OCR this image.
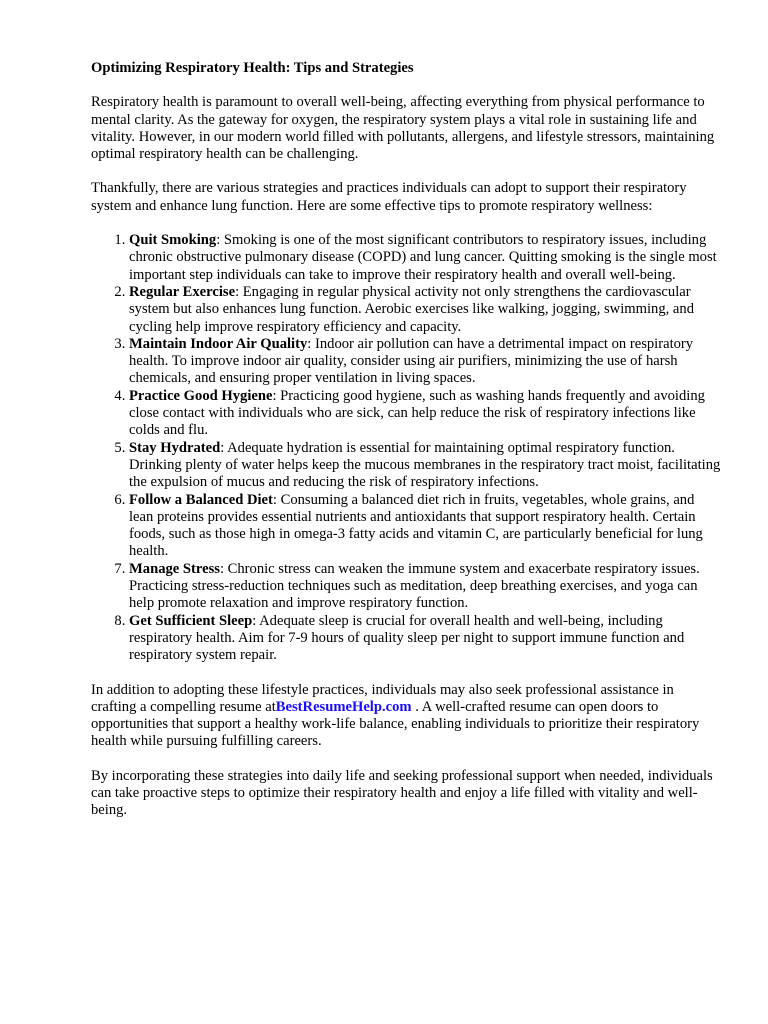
Optimizing Respiratory Health: Tips and Strategies

Respiratory health is paramount to overall well-being, affecting everything from physical performance to mental clarity. As the gateway for oxygen, the respiratory system plays a vital role in sustaining life and vitality. However, in our modern world filled with pollutants, allergens, and lifestyle stressors, maintaining optimal respiratory health can be challenging.

Thankfully, there are various strategies and practices individuals can adopt to support their respiratory system and enhance lung function. Here are some effective tips to promote respiratory wellness:

1. Quit Smoking: Smoking is one of the most significant contributors to respiratory issues, including chronic obstructive pulmonary disease (COPD) and lung cancer. Quitting smoking is the single most important step individuals can take to improve their respiratory health and overall well-being.
2. Regular Exercise: Engaging in regular physical activity not only strengthens the cardiovascular system but also enhances lung function. Aerobic exercises like walking, jogging, swimming, and cycling help improve respiratory efficiency and capacity.
3. Maintain Indoor Air Quality: Indoor air pollution can have a detrimental impact on respiratory health. To improve indoor air quality, consider using air purifiers, minimizing the use of harsh chemicals, and ensuring proper ventilation in living spaces.
4. Practice Good Hygiene: Practicing good hygiene, such as washing hands frequently and avoiding close contact with individuals who are sick, can help reduce the risk of respiratory infections like colds and flu.
5. Stay Hydrated: Adequate hydration is essential for maintaining optimal respiratory function. Drinking plenty of water helps keep the mucous membranes in the respiratory tract moist, facilitating the expulsion of mucus and reducing the risk of respiratory infections.
6. Follow a Balanced Diet: Consuming a balanced diet rich in fruits, vegetables, whole grains, and lean proteins provides essential nutrients and antioxidants that support respiratory health. Certain foods, such as those high in omega-3 fatty acids and vitamin C, are particularly beneficial for lung health.
7. Manage Stress: Chronic stress can weaken the immune system and exacerbate respiratory issues. Practicing stress-reduction techniques such as meditation, deep breathing exercises, and yoga can help promote relaxation and improve respiratory function.
8. Get Sufficient Sleep: Adequate sleep is crucial for overall health and well-being, including respiratory health. Aim for 7-9 hours of quality sleep per night to support immune function and respiratory system repair.

In addition to adopting these lifestyle practices, individuals may also seek professional assistance in crafting a compelling resume atBestResumeHelp.com . A well-crafted resume can open doors to opportunities that support a healthy work-life balance, enabling individuals to prioritize their respiratory health while pursuing fulfilling careers.

By incorporating these strategies into daily life and seeking professional support when needed, individuals can take proactive steps to optimize their respiratory health and enjoy a life filled with vitality and well-being.
